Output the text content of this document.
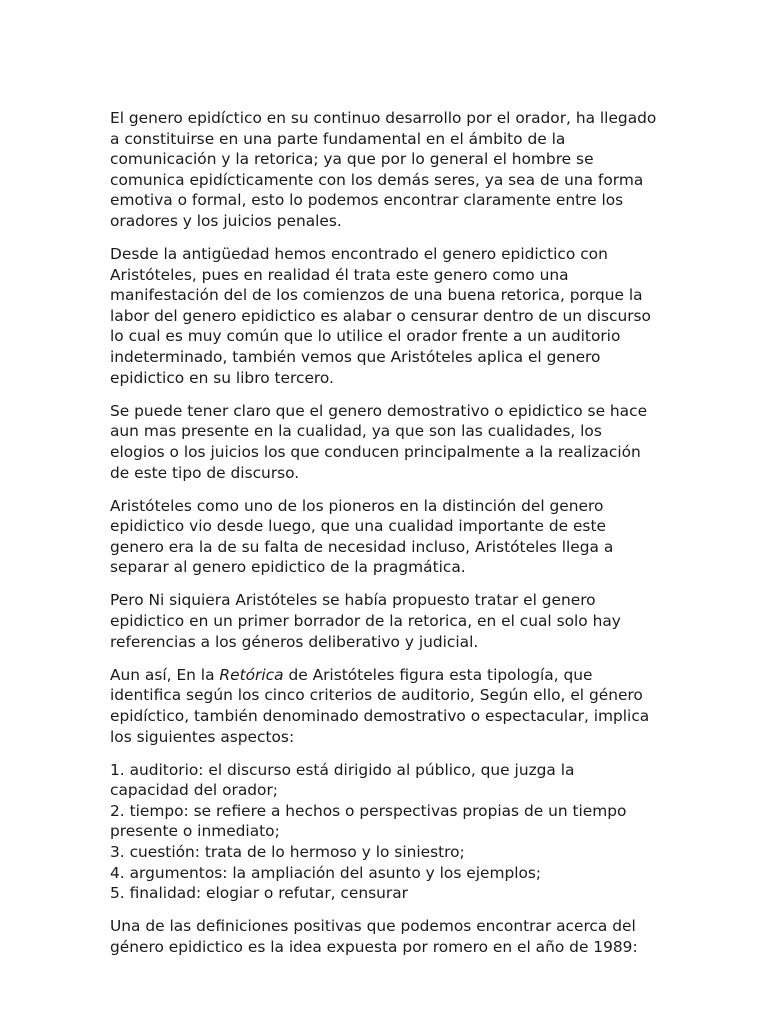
El genero epidíctico en su continuo desarrollo por el orador, ha llegado a constituirse en una parte fundamental en el ámbito de la comunicación y la retorica; ya que por lo general el hombre se comunica epidícticamente con los demás seres, ya sea de una forma emotiva o formal, esto lo podemos encontrar claramente entre los oradores y los juicios penales.

Desde la antigüedad hemos encontrado el genero epidictico con Aristóteles, pues en realidad él trata este genero como una manifestación del de los comienzos de una buena retorica, porque la labor del genero epidictico es alabar o censurar dentro de un discurso lo cual es muy común que lo utilice el orador frente a un auditorio indeterminado, también vemos que Aristóteles aplica el genero epidictico en su libro tercero.

Se puede tener claro que el genero demostrativo o epidictico se hace aun mas presente en la cualidad, ya que son las cualidades, los elogios o los juicios los que conducen principalmente a la realización de este tipo de discurso.

Aristóteles como uno de los pioneros en la distinción del genero epidictico vio desde luego, que una cualidad importante de este genero era la de su falta de necesidad incluso, Aristóteles llega a separar al genero epidictico de la pragmática.

Pero Ni siquiera Aristóteles se había propuesto tratar el genero epidictico en un primer borrador de la retorica, en el cual solo hay referencias a los géneros deliberativo y judicial.

Aun así, En la Retórica de Aristóteles figura esta tipología, que identifica según los cinco criterios de auditorio, Según ello, el género epidíctico, también denominado demostrativo o espectacular, implica los siguientes aspectos:

1. auditorio: el discurso está dirigido al público, que juzga la capacidad del orador;
2. tiempo: se refiere a hechos o perspectivas propias de un tiempo presente o inmediato;
3. cuestión: trata de lo hermoso y lo siniestro;
4. argumentos: la ampliación del asunto y los ejemplos;
5. finalidad: elogiar o refutar, censurar

Una de las definiciones positivas que podemos encontrar acerca del género epidictico es la idea expuesta por romero en el año de 1989:
